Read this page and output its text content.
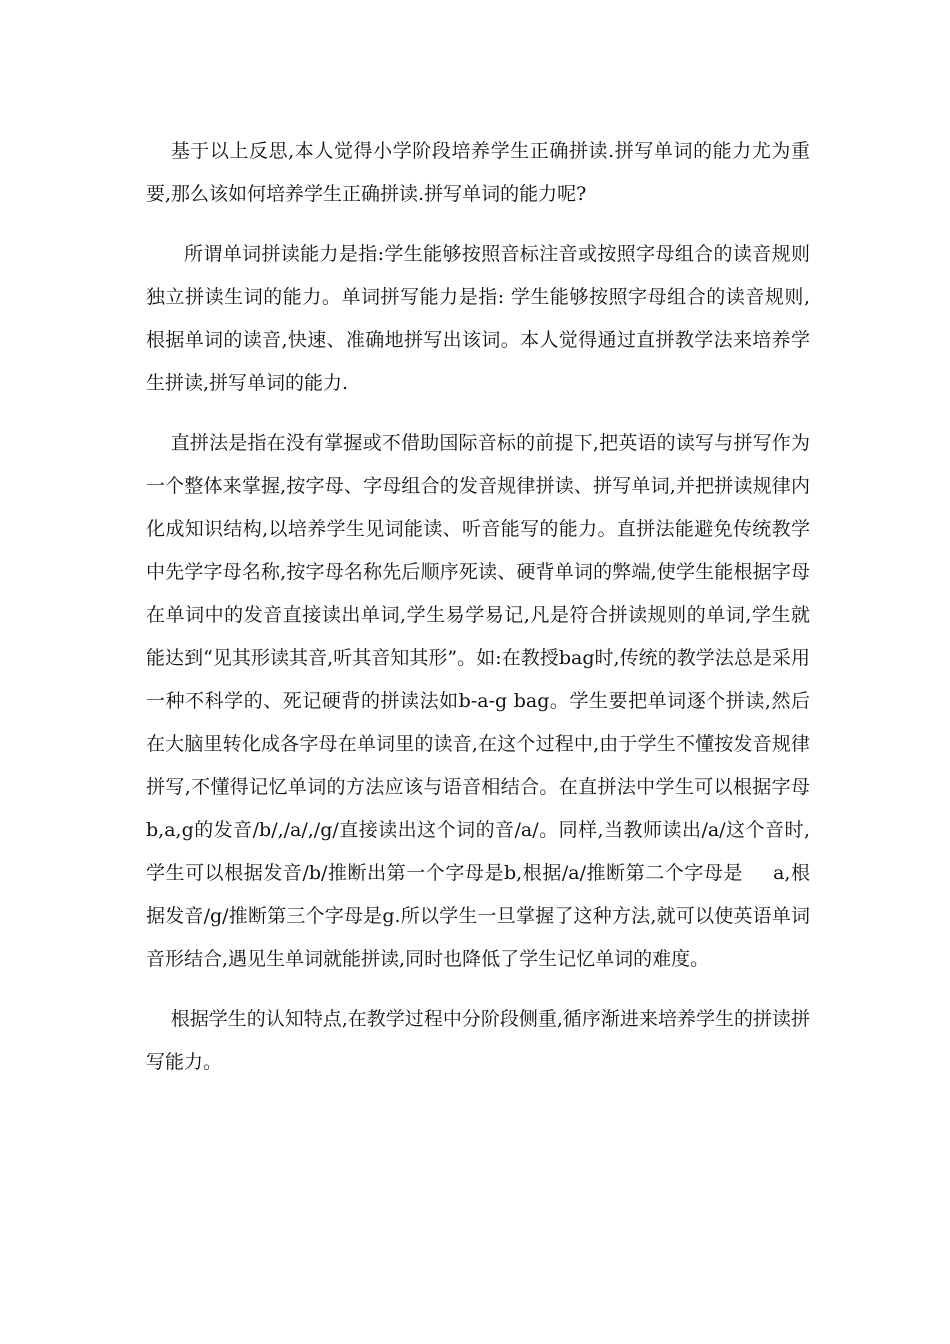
基于以上反思,本人觉得小学阶段培养学生正确拼读.拼写单词的能力尤为重要,那么该如何培养学生正确拼读.拼写单词的能力呢?

所谓单词拼读能力是指:学生能够按照音标注音或按照字母组合的读音规则独立拼读生词的能力。单词拼写能力是指: 学生能够按照字母组合的读音规则,根据单词的读音,快速、准确地拼写出该词。本人觉得通过直拼教学法来培养学生拼读,拼写单词的能力.

直拼法是指在没有掌握或不借助国际音标的前提下,把英语的读写与拼写作为一个整体来掌握,按字母、字母组合的发音规律拼读、拼写单词,并把拼读规律内化成知识结构,以培养学生见词能读、听音能写的能力。直拼法能避免传统教学中先学字母名称,按字母名称先后顺序死读、硬背单词的弊端,使学生能根据字母在单词中的发音直接读出单词,学生易学易记,凡是符合拼读规则的单词,学生就能达到“见其形读其音,听其音知其形”。如:在教授bag时,传统的教学法总是采用一种不科学的、死记硬背的拼读法如b-a-g bag。学生要把单词逐个拼读,然后在大脑里转化成各字母在单词里的读音,在这个过程中,由于学生不懂按发音规律拼写,不懂得记忆单词的方法应该与语音相结合。在直拼法中学生可以根据字母b,a,g的发音/b/,/a/,/g/直接读出这个词的音/a/。同样,当教师读出/a/这个音时,学生可以根据发音/b/推断出第一个字母是b,根据/a/推断第二个字母是 a,根据发音/g/推断第三个字母是g.所以学生一旦掌握了这种方法,就可以使英语单词音形结合,遇见生单词就能拼读,同时也降低了学生记忆单词的难度。

根据学生的认知特点,在教学过程中分阶段侧重,循序渐进来培养学生的拼读拼写能力。
